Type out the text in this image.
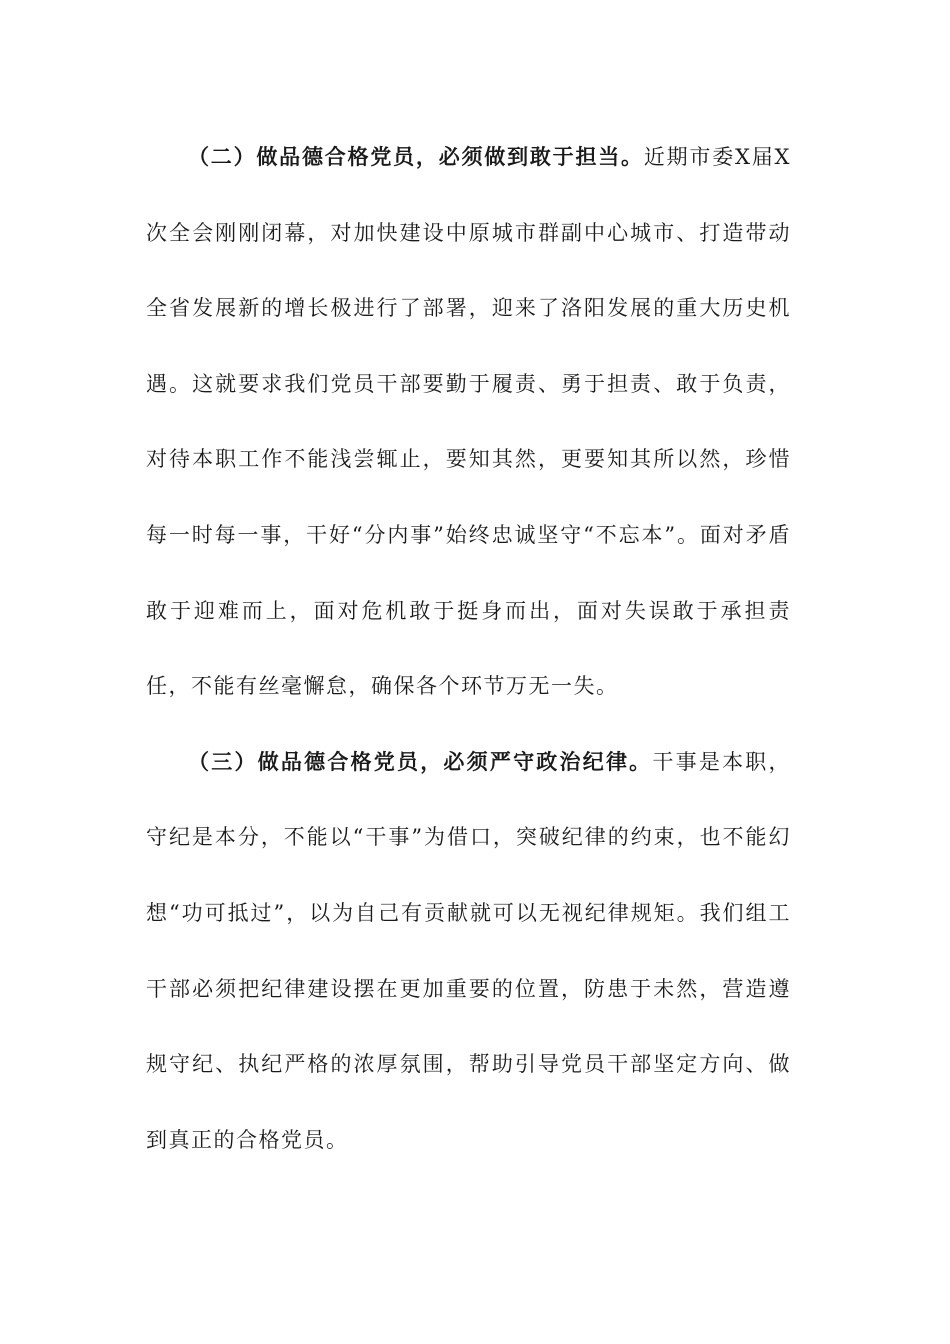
（二）做品德合格党员，必须做到敢于担当。近期市委X届X次全会刚刚闭幕，对加快建设中原城市群副中心城市、打造带动全省发展新的增长极进行了部署，迎来了洛阳发展的重大历史机遇。这就要求我们党员干部要勤于履责、勇于担责、敢于负责，对待本职工作不能浅尝辄止，要知其然，更要知其所以然，珍惜每一时每一事，干好“分内事”始终忠诚坚守“不忘本”。面对矛盾敢于迎难而上，面对危机敢于挺身而出，面对失误敢于承担责任，不能有丝毫懈怠，确保各个环节万无一失。

（三）做品德合格党员，必须严守政治纪律。干事是本职，守纪是本分，不能以“干事”为借口，突破纪律的约束，也不能幻想“功可抵过”，以为自己有贡献就可以无视纪律规矩。我们组工干部必须把纪律建设摆在更加重要的位置，防患于未然，营造遵规守纪、执纪严格的浓厚氛围，帮助引导党员干部坚定方向、做到真正的合格党员。
